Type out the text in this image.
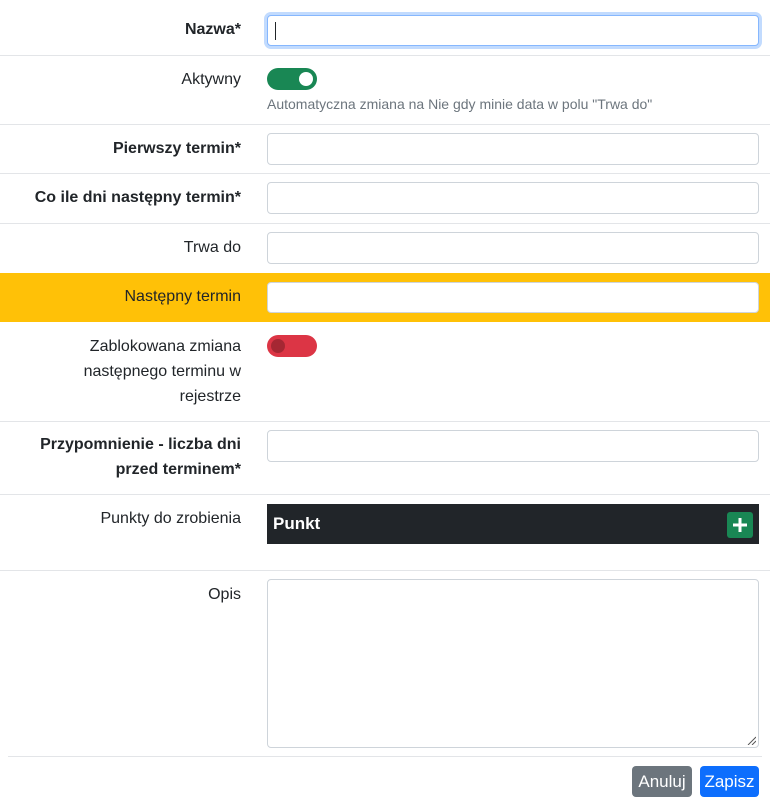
Nazwa*
Aktywny
Automatyczna zmiana na Nie gdy minie data w polu "Trwa do"
Pierwszy termin*
Co ile dni następny termin*
Trwa do
Następny termin
Zablokowana zmiana
następnego terminu w
rejestrze
Przypomnienie - liczba dni
przed terminem*
Punkty do zrobienia Punkt
Opis
Anuluj	Zapisz
